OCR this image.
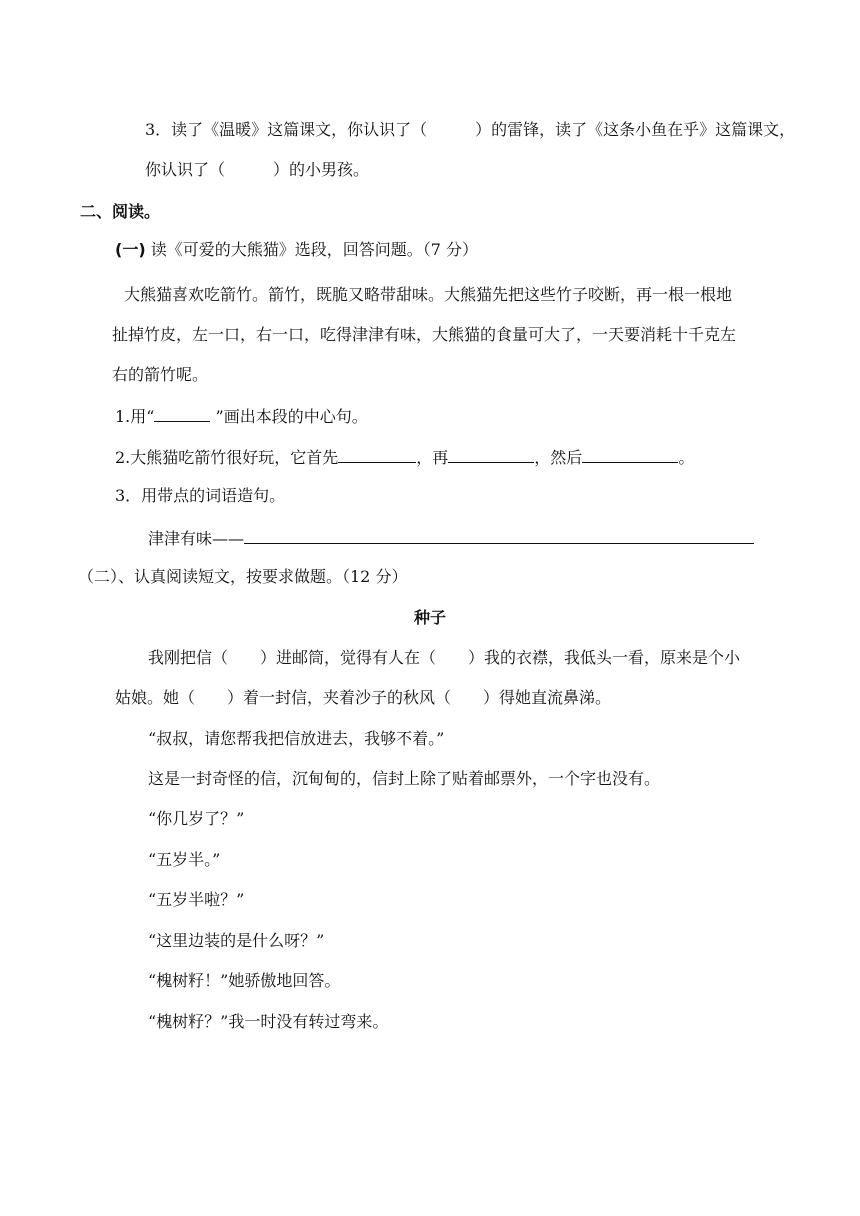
3．读了《温暖》这篇课文，你认识了（　　　）的雷锋，读了《这条小鱼在乎》这篇课文，
你认识了（　　　）的小男孩。
二、阅读。
(一) 读《可爱的大熊猫》选段，回答问题。（7 分）
大熊猫喜欢吃箭竹。箭竹，既脆又略带甜味。大熊猫先把这些竹子咬断，再一根一根地
扯掉竹皮，左一口，右一口，吃得津津有味，大熊猫的食量可大了，一天要消耗十千克左
右的箭竹呢。
1.用“	”画出本段的中心句。
2.大熊猫吃箭竹很好玩，它首先	，再	，然后	。
3．用带点的词语造句。
津津有味——
（二）、认真阅读短文，按要求做题。（12 分）
种子
我刚把信（　　）进邮筒，觉得有人在（　　）我的衣襟，我低头一看，原来是个小
姑娘。她（　　）着一封信，夹着沙子的秋风（　　）得她直流鼻涕。
“叔叔，请您帮我把信放进去，我够不着。”
这是一封奇怪的信，沉甸甸的，信封上除了贴着邮票外，一个字也没有。
“你几岁了？”
“五岁半。”
“五岁半啦？”
“这里边装的是什么呀？”
“槐树籽！”她骄傲地回答。
“槐树籽？”我一时没有转过弯来。
